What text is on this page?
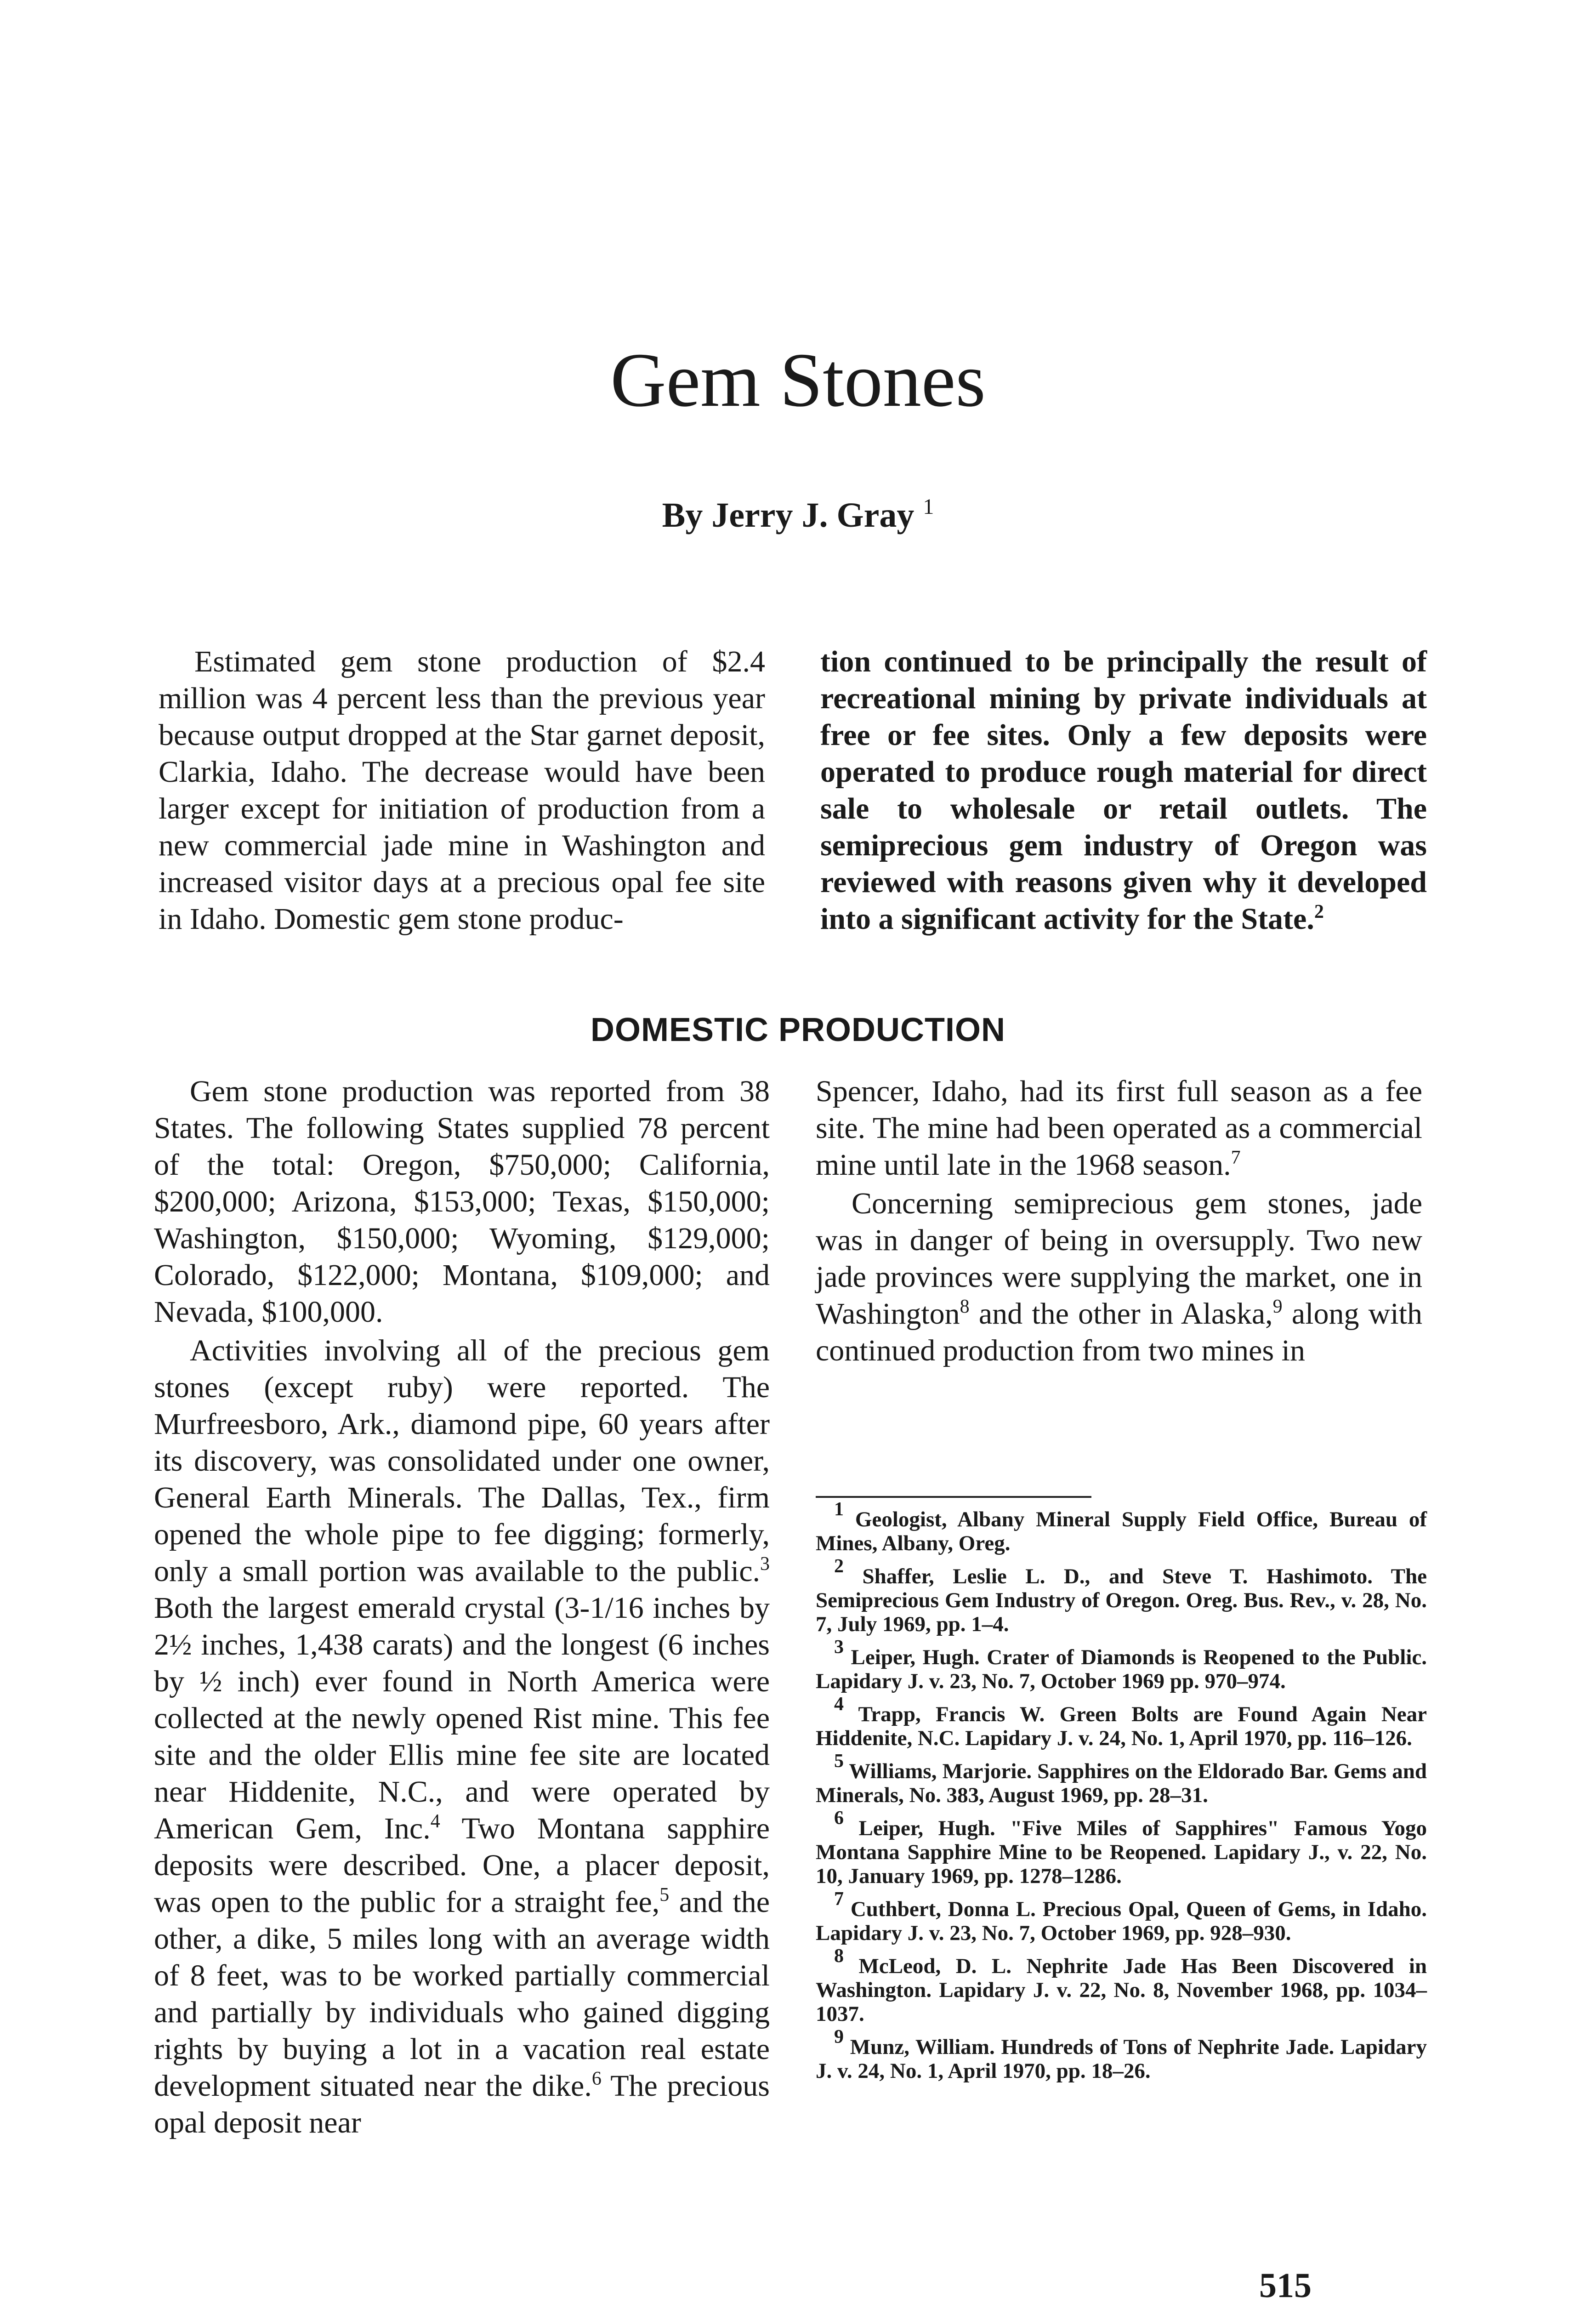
Gem Stones

By Jerry J. Gray $^1$

Estimated gem stone production of $2.4 million was 4 percent less than the previous year because output dropped at the Star garnet deposit, Clarkia, Idaho. The decrease would have been larger except for initiation of production from a new commercial jade mine in Washington and increased visitor days at a precious opal fee site in Idaho. Domestic gem stone produc-

tion continued to be principally the result of recreational mining by private individuals at free or fee sites. Only a few deposits were operated to produce rough material for direct sale to wholesale or retail outlets. The semiprecious gem industry of Oregon was reviewed with reasons given why it developed into a significant activity for the State.$^2$

DOMESTIC PRODUCTION

Gem stone production was reported from 38 States. The following States supplied 78 percent of the total: Oregon, $750,000; California, $200,000; Arizona, $153,000; Texas, $150,000; Washington, $150,000; Wyoming, $129,000; Colorado, $122,000; Montana, $109,000; and Nevada, $100,000.

Activities involving all of the precious gem stones (except ruby) were reported. The Murfreesboro, Ark., diamond pipe, 60 years after its discovery, was consolidated under one owner, General Earth Minerals. The Dallas, Tex., firm opened the whole pipe to fee digging; formerly, only a small portion was available to the public.$^3$ Both the largest emerald crystal (3-1/16 inches by 2½ inches, 1,438 carats) and the longest (6 inches by ½ inch) ever found in North America were collected at the newly opened Rist mine. This fee site and the older Ellis mine fee site are located near Hiddenite, N.C., and were operated by American Gem, Inc.$^4$ Two Montana sapphire deposits were described. One, a placer deposit, was open to the public for a straight fee,$^5$ and the other, a dike, 5 miles long with an average width of 8 feet, was to be worked partially commercial and partially by individuals who gained digging rights by buying a lot in a vacation real estate development situated near the dike.$^6$ The precious opal deposit near

Spencer, Idaho, had its first full season as a fee site. The mine had been operated as a commercial mine until late in the 1968 season.$^7$

Concerning semiprecious gem stones, jade was in danger of being in oversupply. Two new jade provinces were supplying the market, one in Washington$^8$ and the other in Alaska,$^9$ along with continued production from two mines in

$^1$ Geologist, Albany Mineral Supply Field Office, Bureau of Mines, Albany, Oreg.

$^2$ Shaffer, Leslie L. D., and Steve T. Hashimoto. The Semiprecious Gem Industry of Oregon. Oreg. Bus. Rev., v. 28, No. 7, July 1969, pp. 1–4.

$^3$ Leiper, Hugh. Crater of Diamonds is Reopened to the Public. Lapidary J. v. 23, No. 7, October 1969 pp. 970–974.

$^4$ Trapp, Francis W. Green Bolts are Found Again Near Hiddenite, N.C. Lapidary J. v. 24, No. 1, April 1970, pp. 116–126.

$^5$ Williams, Marjorie. Sapphires on the Eldorado Bar. Gems and Minerals, No. 383, August 1969, pp. 28–31.

$^6$ Leiper, Hugh. "Five Miles of Sapphires" Famous Yogo Montana Sapphire Mine to be Reopened. Lapidary J., v. 22, No. 10, January 1969, pp. 1278–1286.

$^7$ Cuthbert, Donna L. Precious Opal, Queen of Gems, in Idaho. Lapidary J. v. 23, No. 7, October 1969, pp. 928–930.

$^8$ McLeod, D. L. Nephrite Jade Has Been Discovered in Washington. Lapidary J. v. 22, No. 8, November 1968, pp. 1034–1037.

$^9$ Munz, William. Hundreds of Tons of Nephrite Jade. Lapidary J. v. 24, No. 1, April 1970, pp. 18–26.

515
